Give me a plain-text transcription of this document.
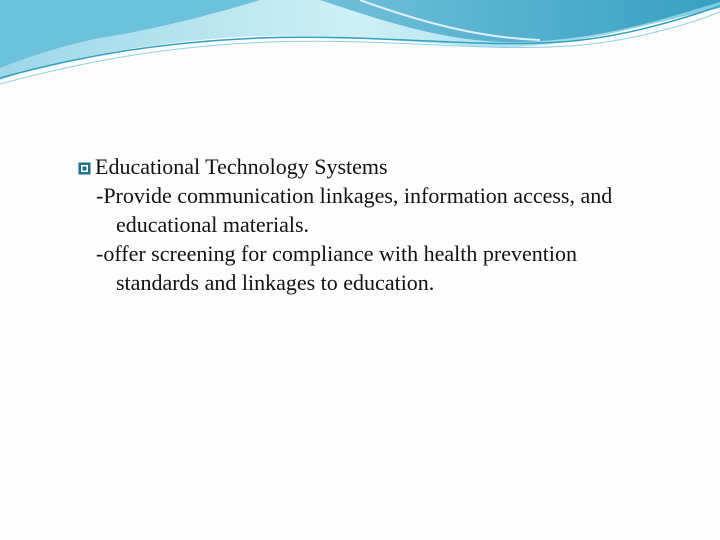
Educational Technology Systems
-Provide communication linkages, information access, and
educational materials.
-offer screening for compliance with health prevention
standards and linkages to education.
